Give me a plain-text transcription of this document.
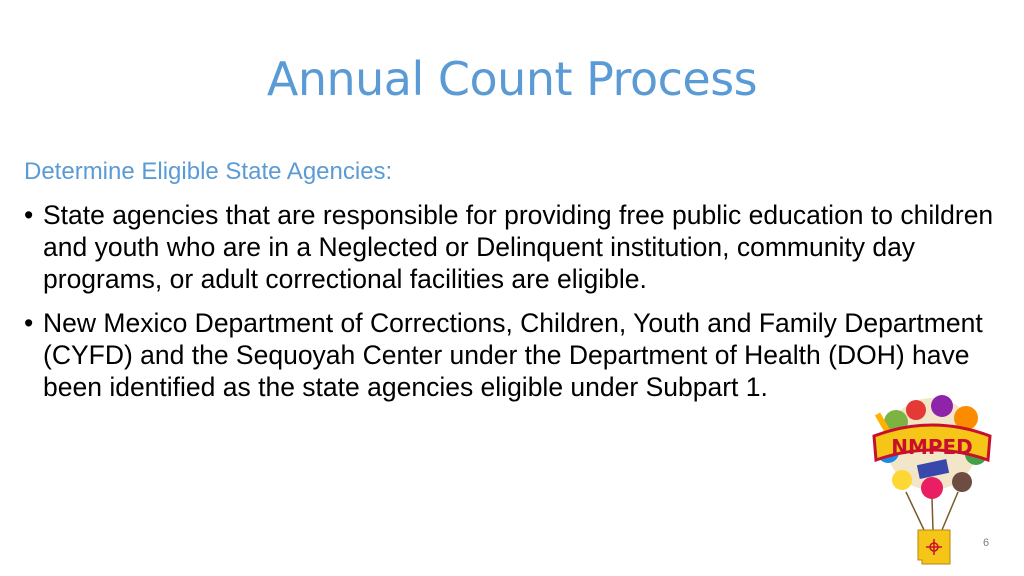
Annual Count Process

Determine Eligible State Agencies:

• State agencies that are responsible for providing free public education to children and youth who are in a Neglected or Delinquent institution, community day programs, or adult correctional facilities are eligible.
• New Mexico Department of Corrections, Children, Youth and Family Department (CYFD) and the Sequoyah Center under the Department of Health (DOH) have been identified as the state agencies eligible under Subpart 1.
NMPED
6
